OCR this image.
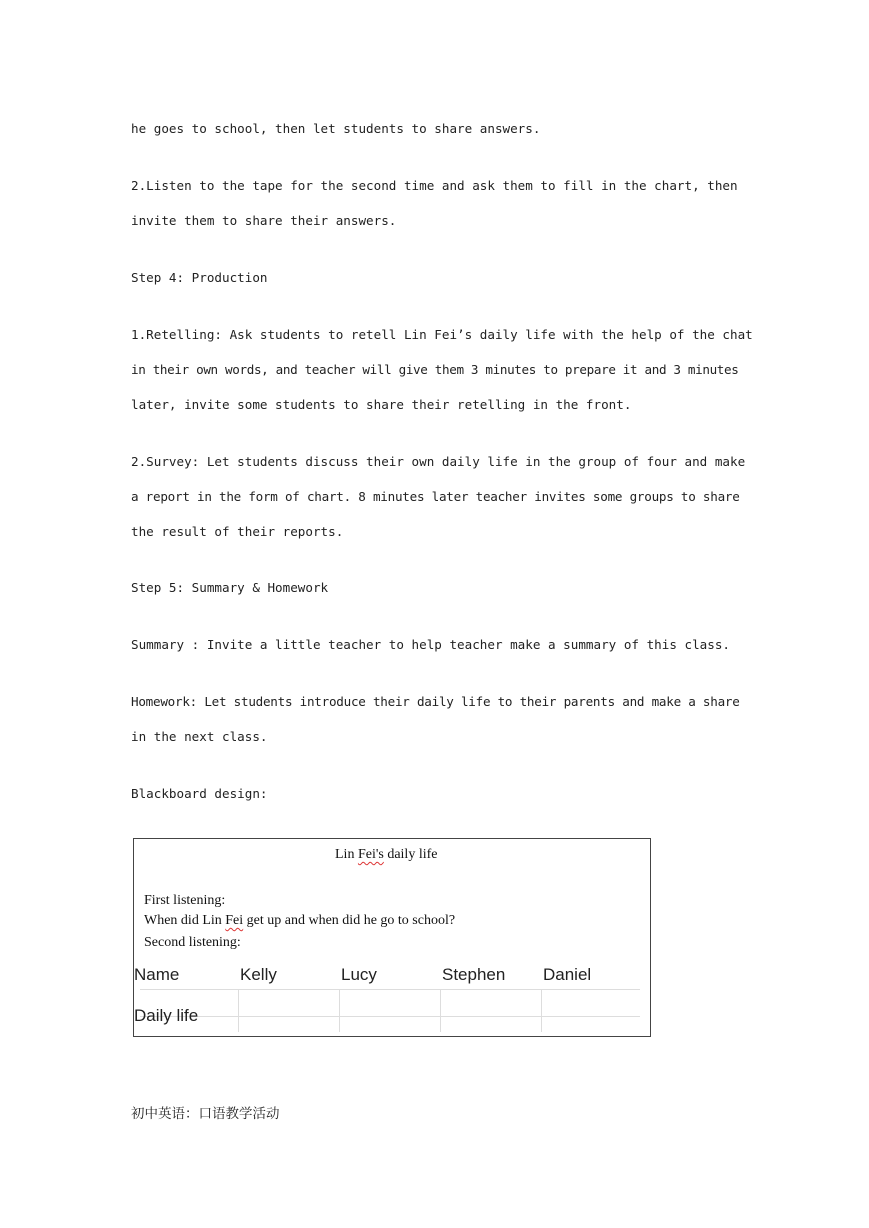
he goes to school, then let students to share answers.

2.Listen to the tape for the second time and ask them to fill in the chart, then

invite them to share their answers.

Step 4: Production

1.Retelling: Ask students to retell Lin Fei’s daily life with the help of the chat

in their own words, and teacher will give them 3 minutes to prepare it and 3 minutes

later, invite some students to share their retelling in the front.

2.Survey: Let students discuss their own daily life in the group of four and make

a report in the form of chart. 8 minutes later teacher invites some groups to share

the result of their reports.

Step 5: Summary & Homework

Summary : Invite a little teacher to help teacher make a summary of this class.

Homework: Let students introduce their daily life to their parents and make a share

in the next class.

Blackboard design:

Lin Fei's daily life
First listening:
When did Lin Fei get up and when did he go to school?
Second listening:
Name	Kelly	Lucy	Stephen Daniel
Daily life
初中英语：口语教学活动
